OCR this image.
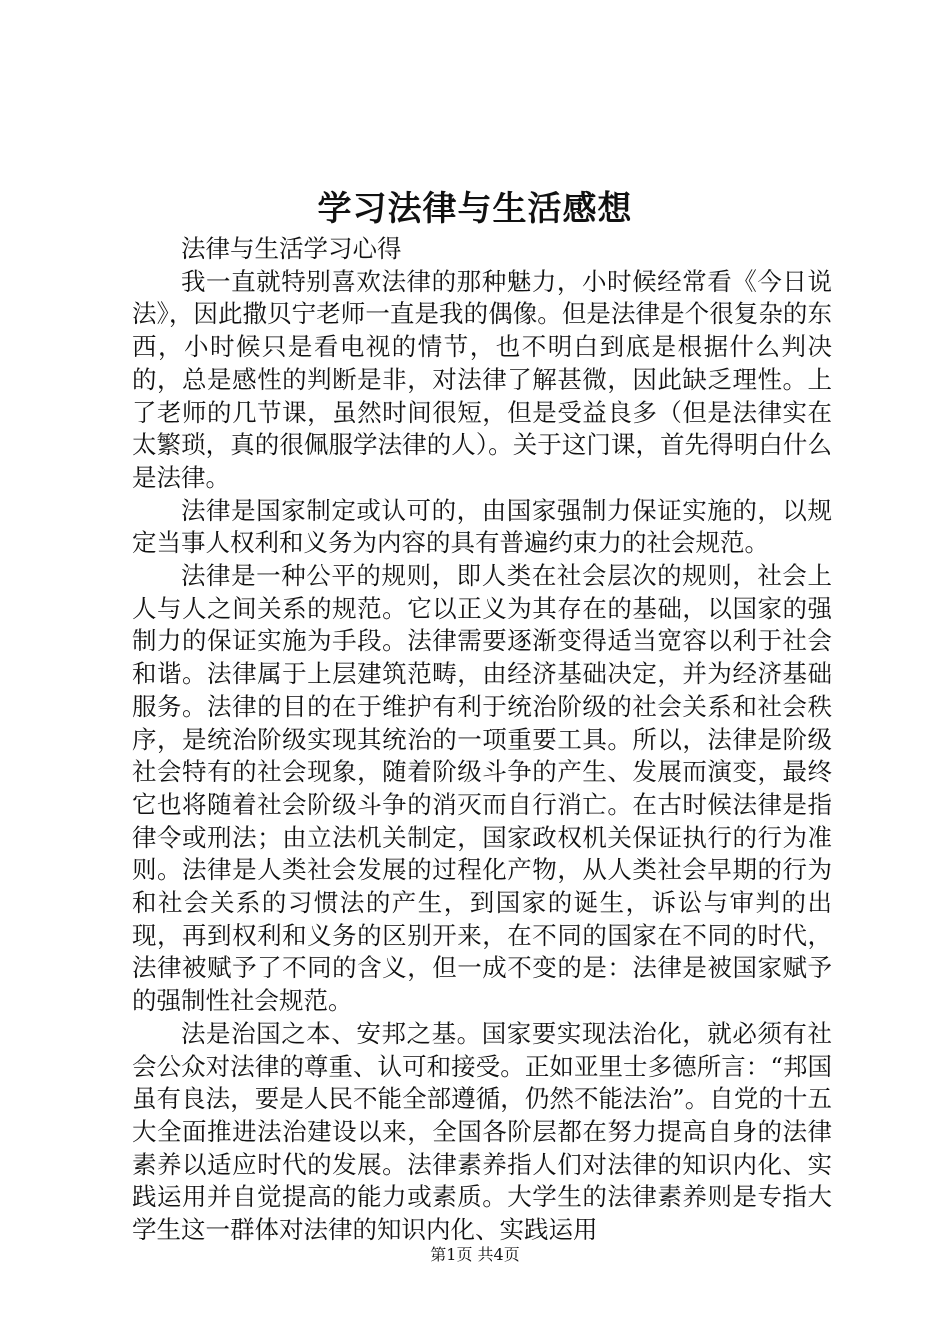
学习法律与生活感想

法律与生活学习心得

我一直就特别喜欢法律的那种魅力，小时候经常看《今日说法》，因此撒贝宁老师一直是我的偶像。但是法律是个很复杂的东西，小时候只是看电视的情节，也不明白到底是根据什么判决的，总是感性的判断是非，对法律了解甚微，因此缺乏理性。上了老师的几节课，虽然时间很短，但是受益良多（但是法律实在太繁琐，真的很佩服学法律的人）。关于这门课，首先得明白什么是法律。

法律是国家制定或认可的，由国家强制力保证实施的，以规定当事人权利和义务为内容的具有普遍约束力的社会规范。

法律是一种公平的规则，即人类在社会层次的规则，社会上人与人之间关系的规范。它以正义为其存在的基础，以国家的强制力的保证实施为手段。法律需要逐渐变得适当宽容以利于社会和谐。法律属于上层建筑范畴，由经济基础决定，并为经济基础服务。法律的目的在于维护有利于统治阶级的社会关系和社会秩序，是统治阶级实现其统治的一项重要工具。所以，法律是阶级社会特有的社会现象，随着阶级斗争的产生、发展而演变，最终它也将随着社会阶级斗争的消灭而自行消亡。在古时候法律是指律令或刑法；由立法机关制定，国家政权机关保证执行的行为准则。法律是人类社会发展的过程化产物，从人类社会早期的行为和社会关系的习惯法的产生，到国家的诞生，诉讼与审判的出现，再到权利和义务的区别开来，在不同的国家在不同的时代，法律被赋予了不同的含义，但一成不变的是：法律是被国家赋予的强制性社会规范。

法是治国之本、安邦之基。国家要实现法治化，就必须有社会公众对法律的尊重、认可和接受。正如亚里士多德所言：“邦国虽有良法，要是人民不能全部遵循，仍然不能法治”。自党的十五大全面推进法治建设以来，全国各阶层都在努力提高自身的法律素养以适应时代的发展。法律素养指人们对法律的知识内化、实践运用并自觉提高的能力或素质。大学生的法律素养则是专指大学生这一群体对法律的知识内化、实践运用

第1页 共4页
